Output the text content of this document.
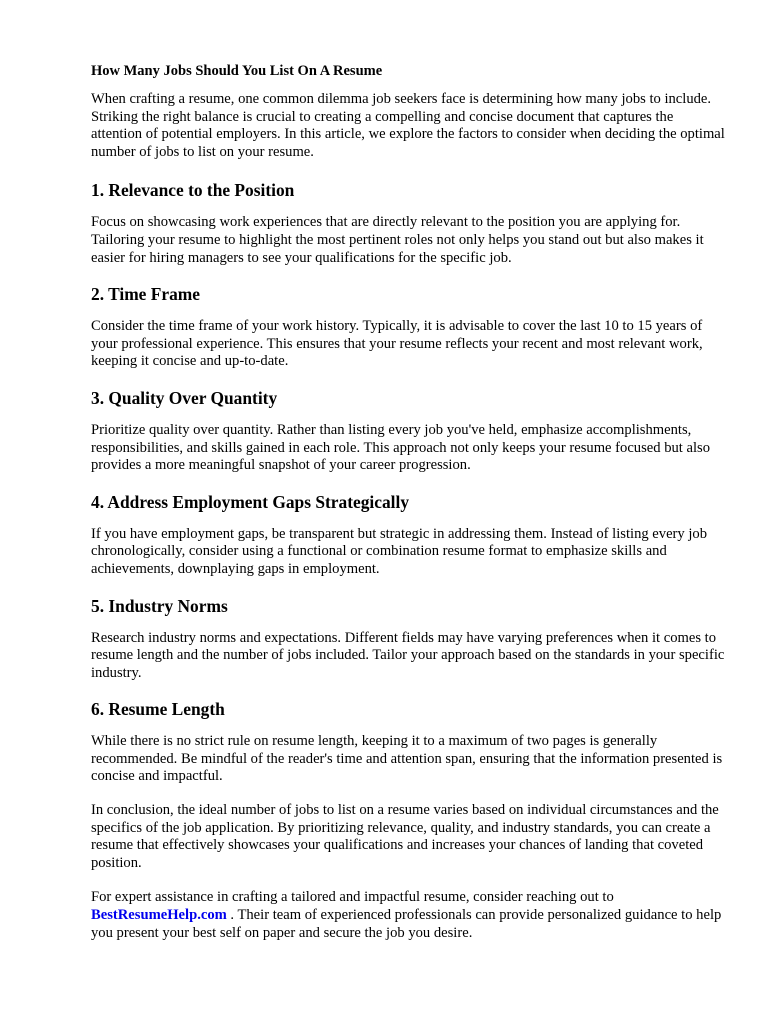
How Many Jobs Should You List On A Resume

When crafting a resume, one common dilemma job seekers face is determining how many jobs to include. Striking the right balance is crucial to creating a compelling and concise document that captures the attention of potential employers. In this article, we explore the factors to consider when deciding the optimal number of jobs to list on your resume.

1. Relevance to the Position

Focus on showcasing work experiences that are directly relevant to the position you are applying for. Tailoring your resume to highlight the most pertinent roles not only helps you stand out but also makes it easier for hiring managers to see your qualifications for the specific job.

2. Time Frame

Consider the time frame of your work history. Typically, it is advisable to cover the last 10 to 15 years of your professional experience. This ensures that your resume reflects your recent and most relevant work, keeping it concise and up-to-date.

3. Quality Over Quantity

Prioritize quality over quantity. Rather than listing every job you've held, emphasize accomplishments, responsibilities, and skills gained in each role. This approach not only keeps your resume focused but also provides a more meaningful snapshot of your career progression.

4. Address Employment Gaps Strategically

If you have employment gaps, be transparent but strategic in addressing them. Instead of listing every job chronologically, consider using a functional or combination resume format to emphasize skills and achievements, downplaying gaps in employment.

5. Industry Norms

Research industry norms and expectations. Different fields may have varying preferences when it comes to resume length and the number of jobs included. Tailor your approach based on the standards in your specific industry.

6. Resume Length

While there is no strict rule on resume length, keeping it to a maximum of two pages is generally recommended. Be mindful of the reader's time and attention span, ensuring that the information presented is concise and impactful.

In conclusion, the ideal number of jobs to list on a resume varies based on individual circumstances and the specifics of the job application. By prioritizing relevance, quality, and industry standards, you can create a resume that effectively showcases your qualifications and increases your chances of landing that coveted position.

For expert assistance in crafting a tailored and impactful resume, consider reaching out to BestResumeHelp.com . Their team of experienced professionals can provide personalized guidance to help you present your best self on paper and secure the job you desire.
